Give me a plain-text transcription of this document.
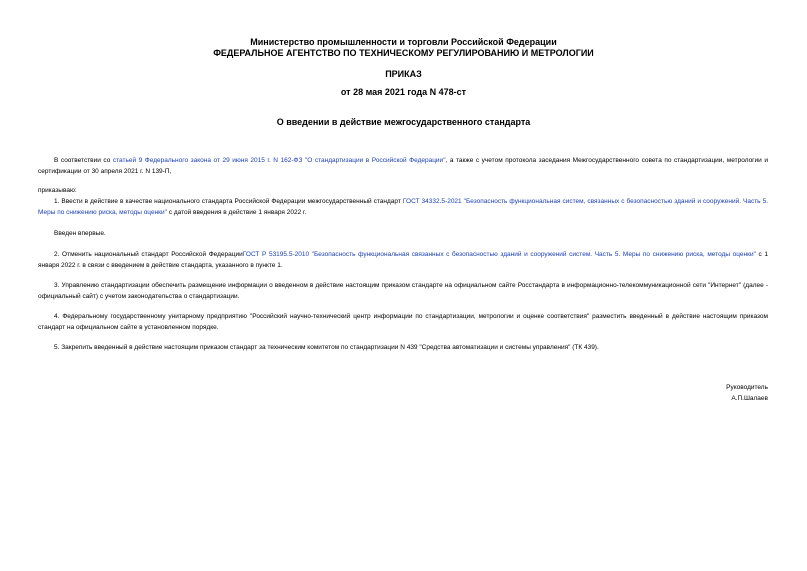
Министерство промышленности и торговли Российской Федерации
ФЕДЕРАЛЬНОЕ АГЕНТСТВО ПО ТЕХНИЧЕСКОМУ РЕГУЛИРОВАНИЮ И МЕТРОЛОГИИ
ПРИКАЗ
от 28 мая 2021 года N 478-ст
О введении в действие межгосударственного стандарта
В соответствии со статьей 9 Федерального закона от 29 июня 2015 г. N 162-ФЗ "О стандартизации в Российской Федерации", а также с учетом протокола заседания Межгосударственного совета по стандартизации, метрологии и сертификации от 30 апреля 2021 г. N 139-П,
приказываю:
1. Ввести в действие в качестве национального стандарта Российской Федерации межгосударственный стандарт ГОСТ 34332.5-2021 "Безопасность функциональная систем, связанных с безопасностью зданий и сооружений. Часть 5. Меры по снижению риска, методы оценки" с датой введения в действие 1 января 2022 г.
Введен впервые.
2. Отменить национальный стандарт Российской ФедерацииГОСТ Р 53195.5-2010 "Безопасность функциональная связанных с безопасностью зданий и сооружений систем. Часть 5. Меры по снижению риска, методы оценки" с 1 января 2022 г. в связи с введением в действие стандарта, указанного в пункте 1.
3. Управлению стандартизации обеспечить размещение информации о введенном в действие настоящим приказом стандарте на официальном сайте Росстандарта в информационно-телекоммуникационной сети "Интернет" (далее - официальный сайт) с учетом законодательства о стандартизации.
4. Федеральному государственному унитарному предприятию "Российский научно-технический центр информации по стандартизации, метрологии и оценке соответствия" разместить введенный в действие настоящим приказом стандарт на официальном сайте в установленном порядке.
5. Закрепить введенный в действие настоящим приказом стандарт за техническим комитетом по стандартизации N 439 "Средства автоматизации и системы управления" (ТК 439).
Руководитель
А.П.Шалаев
